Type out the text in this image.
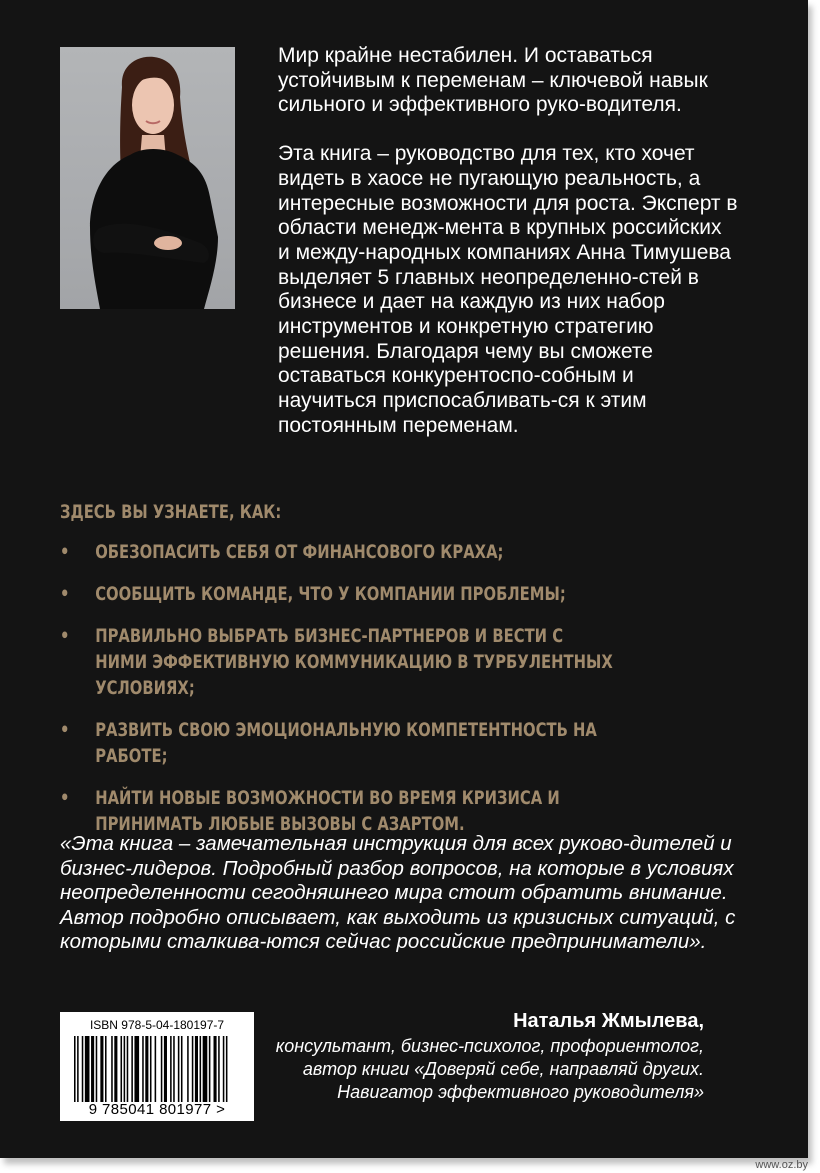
Мир крайне нестабилен. И оставаться устойчивым к переменам – ключевой навык сильного и эффективного руко-водителя.

Эта книга – руководство для тех, кто хочет видеть в хаосе не пугающую реальность, а интересные возможности для роста. Эксперт в области менедж-мента в крупных российских и между-народных компаниях Анна Тимушева выделяет 5 главных неопределенно-стей в бизнесе и дает на каждую из них набор инструментов и конкретную стратегию решения. Благодаря чему вы сможете оставаться конкурентоспо-собным и научиться приспосабливать-ся к этим постоянным переменам.

ЗДЕСЬ ВЫ УЗНАЕТЕ, КАК:

• ОБЕЗОПАСИТЬ СЕБЯ ОТ ФИНАНСОВОГО КРАХА;
• СООБЩИТЬ КОМАНДЕ, ЧТО У КОМПАНИИ ПРОБЛЕМЫ;
• ПРАВИЛЬНО ВЫБРАТЬ БИЗНЕС-ПАРТНЕРОВ И ВЕСТИ С НИМИ ЭФФЕКТИВНУЮ КОММУНИКАЦИЮ В ТУРБУЛЕНТНЫХ УСЛОВИЯХ;
• РАЗВИТЬ СВОЮ ЭМОЦИОНАЛЬНУЮ КОМПЕТЕНТНОСТЬ НА РАБОТЕ;
• НАЙТИ НОВЫЕ ВОЗМОЖНОСТИ ВО ВРЕМЯ КРИЗИСА И ПРИНИМАТЬ ЛЮБЫЕ ВЫЗОВЫ С АЗАРТОМ.

«Эта книга – замечательная инструкция для всех руково-дителей и бизнес-лидеров. Подробный разбор вопросов, на которые в условиях неопределенности сегодняшнего мира стоит обратить внимание. Автор подробно описывает, как выходить из кризисных ситуаций, с которыми сталкива-ются сейчас российские предприниматели».

ISBN 978-5-04-180197-7
9 785041 801977 >

Наталья Жмылева,

консультант, бизнес-психолог, профориентолог, автор книги «Доверяй себе, направляй других. Навигатор эффективного руководителя»

www.oz.by
